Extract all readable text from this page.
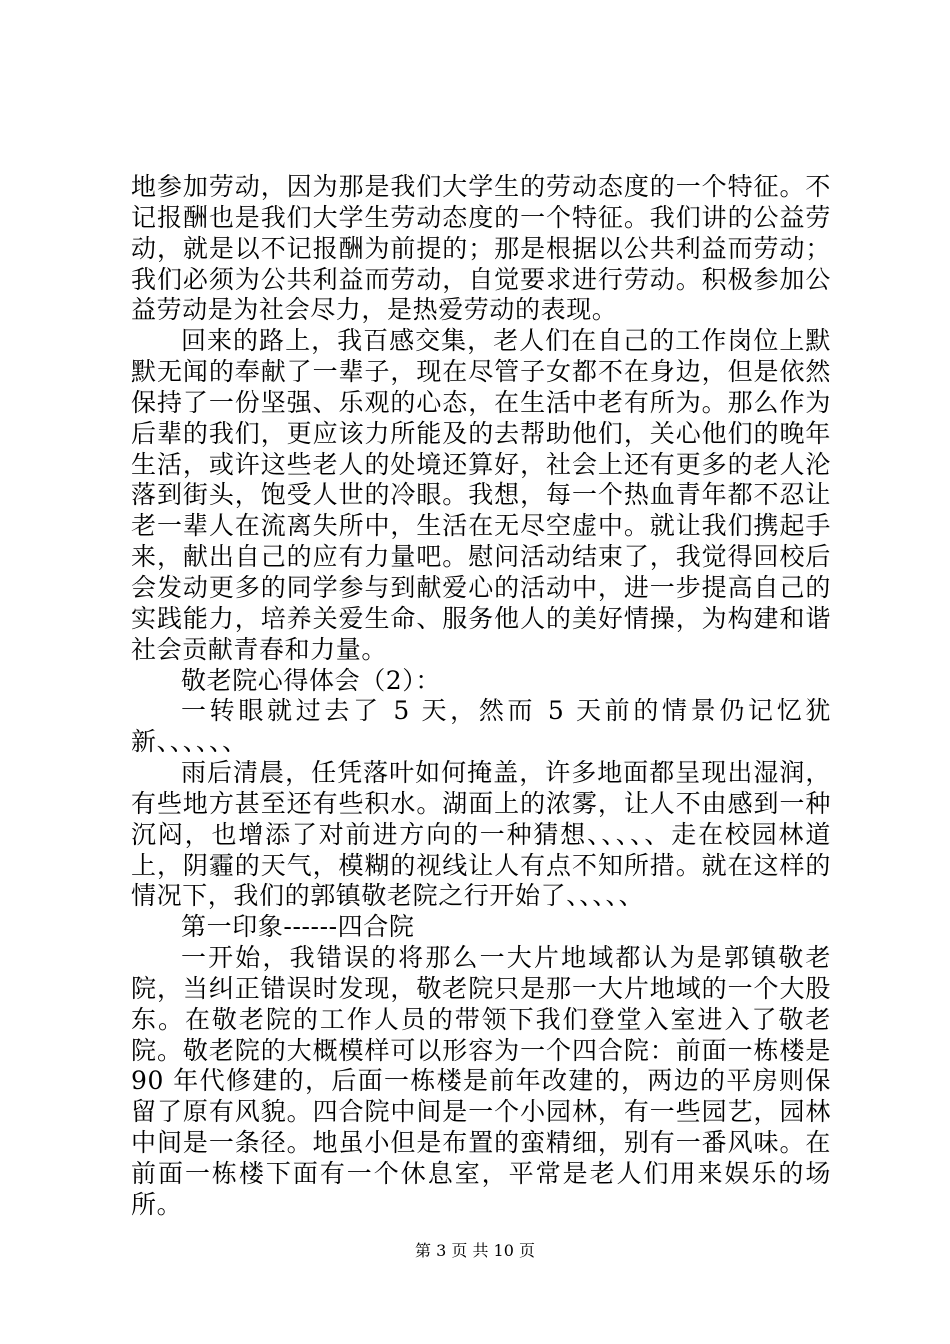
地参加劳动，因为那是我们大学生的劳动态度的一个特征。不记报酬也是我们大学生劳动态度的一个特征。我们讲的公益劳动，就是以不记报酬为前提的；那是根据以公共利益而劳动；我们必须为公共利益而劳动，自觉要求进行劳动。积极参加公益劳动是为社会尽力，是热爱劳动的表现。

回来的路上，我百感交集，老人们在自己的工作岗位上默默无闻的奉献了一辈子，现在尽管子女都不在身边，但是依然保持了一份坚强、乐观的心态，在生活中老有所为。那么作为后辈的我们，更应该力所能及的去帮助他们，关心他们的晚年生活，或许这些老人的处境还算好，社会上还有更多的老人沦落到街头，饱受人世的冷眼。我想，每一个热血青年都不忍让老一辈人在流离失所中，生活在无尽空虚中。就让我们携起手来，献出自己的应有力量吧。慰问活动结束了，我觉得回校后会发动更多的同学参与到献爱心的活动中，进一步提高自己的实践能力，培养关爱生命、服务他人的美好情操，为构建和谐社会贡献青春和力量。

敬老院心得体会（2）：

一转眼就过去了 5 天，然而 5 天前的情景仍记忆犹新、、、、、、

雨后清晨，任凭落叶如何掩盖，许多地面都呈现出湿润，有些地方甚至还有些积水。湖面上的浓雾，让人不由感到一种沉闷，也增添了对前进方向的一种猜想、、、、、走在校园林道上，阴霾的天气，模糊的视线让人有点不知所措。就在这样的情况下，我们的郭镇敬老院之行开始了、、、、、

第一印象------四合院

一开始，我错误的将那么一大片地域都认为是郭镇敬老院，当纠正错误时发现，敬老院只是那一大片地域的一个大股东。在敬老院的工作人员的带领下我们登堂入室进入了敬老院。敬老院的大概模样可以形容为一个四合院：前面一栋楼是 90 年代修建的，后面一栋楼是前年改建的，两边的平房则保留了原有风貌。四合院中间是一个小园林，有一些园艺，园林中间是一条径。地虽小但是布置的蛮精细，别有一番风味。在前面一栋楼下面有一个休息室，平常是老人们用来娱乐的场所。

第 3 页 共 10 页
